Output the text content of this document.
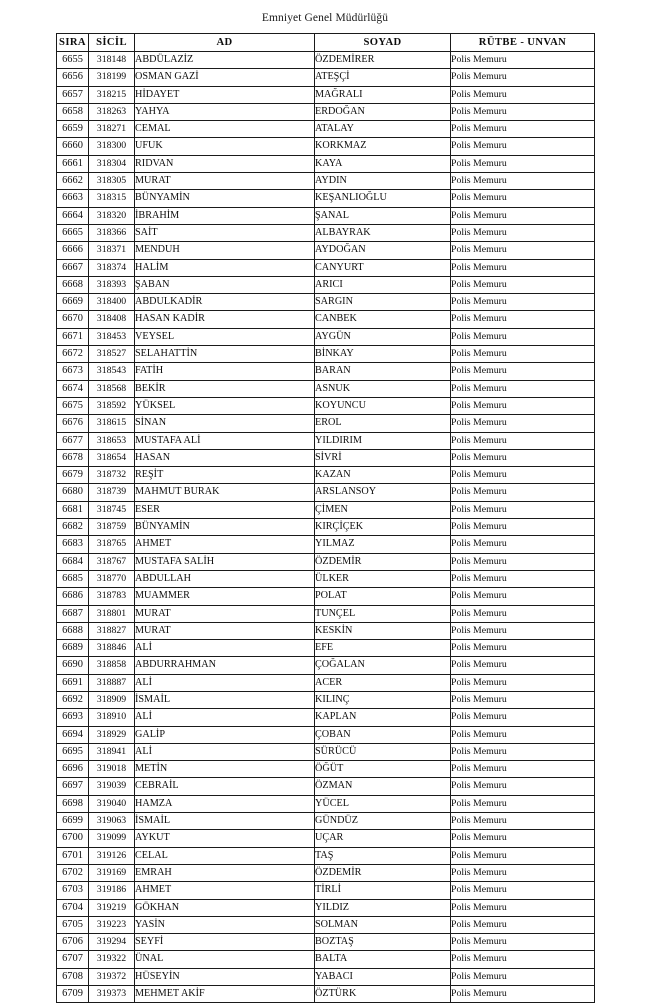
Emniyet Genel Müdürlüğü
SIRA	SİCİL	AD	SOYAD	RÜTBE - UNVAN
6655	318148	ABDÜLAZİZ	ÖZDEMİRER	Polis Memuru
6656	318199	OSMAN GAZİ	ATEŞÇİ	Polis Memuru
6657	318215	HİDAYET	MAĞRALI	Polis Memuru
6658	318263	YAHYA	ERDOĞAN	Polis Memuru
6659	318271	CEMAL	ATALAY	Polis Memuru
6660	318300	UFUK	KORKMAZ	Polis Memuru
6661	318304	RIDVAN	KAYA	Polis Memuru
6662	318305	MURAT	AYDIN	Polis Memuru
6663	318315	BÜNYAMİN	KEŞANLIOĞLU	Polis Memuru
6664	318320	İBRAHİM	ŞANAL	Polis Memuru
6665	318366	SAİT	ALBAYRAK	Polis Memuru
6666	318371	MENDUH	AYDOĞAN	Polis Memuru
6667	318374	HALİM	CANYURT	Polis Memuru
6668	318393	ŞABAN	ARICI	Polis Memuru
6669	318400	ABDULKADİR	SARGIN	Polis Memuru
6670	318408	HASAN KADİR	CANBEK	Polis Memuru
6671	318453	VEYSEL	AYGÜN	Polis Memuru
6672	318527	SELAHATTİN	BİNKAY	Polis Memuru
6673	318543	FATİH	BARAN	Polis Memuru
6674	318568	BEKİR	ASNUK	Polis Memuru
6675	318592	YÜKSEL	KOYUNCU	Polis Memuru
6676	318615	SİNAN	EROL	Polis Memuru
6677	318653	MUSTAFA ALİ	YILDIRIM	Polis Memuru
6678	318654	HASAN	SİVRİ	Polis Memuru
6679	318732	REŞİT	KAZAN	Polis Memuru
6680	318739	MAHMUT BURAK	ARSLANSOY	Polis Memuru
6681	318745	ESER	ÇİMEN	Polis Memuru
6682	318759	BÜNYAMİN	KIRÇİÇEK	Polis Memuru
6683	318765	AHMET	YILMAZ	Polis Memuru
6684	318767	MUSTAFA SALİH	ÖZDEMİR	Polis Memuru
6685	318770	ABDULLAH	ÜLKER	Polis Memuru
6686	318783	MUAMMER	POLAT	Polis Memuru
6687	318801	MURAT	TUNÇEL	Polis Memuru
6688	318827	MURAT	KESKİN	Polis Memuru
6689	318846	ALİ	EFE	Polis Memuru
6690	318858	ABDURRAHMAN	ÇOĞALAN	Polis Memuru
6691	318887	ALİ	ACER	Polis Memuru
6692	318909	İSMAİL	KILINÇ	Polis Memuru
6693	318910	ALİ	KAPLAN	Polis Memuru
6694	318929	GALİP	ÇOBAN	Polis Memuru
6695	318941	ALİ	SÜRÜCÜ	Polis Memuru
6696	319018	METİN	ÖĞÜT	Polis Memuru
6697	319039	CEBRAİL	ÖZMAN	Polis Memuru
6698	319040	HAMZA	YÜCEL	Polis Memuru
6699	319063	İSMAİL	GÜNDÜZ	Polis Memuru
6700	319099	AYKUT	UÇAR	Polis Memuru
6701	319126	CELAL	TAŞ	Polis Memuru
6702	319169	EMRAH	ÖZDEMİR	Polis Memuru
6703	319186	AHMET	TİRLİ	Polis Memuru
6704	319219	GÖKHAN	YILDIZ	Polis Memuru
6705	319223	YASİN	SOLMAN	Polis Memuru
6706	319294	SEYFİ	BOZTAŞ	Polis Memuru
6707	319322	ÜNAL	BALTA	Polis Memuru
6708	319372	HÜSEYİN	YABACI	Polis Memuru
6709	319373	MEHMET AKİF	ÖZTÜRK	Polis Memuru
